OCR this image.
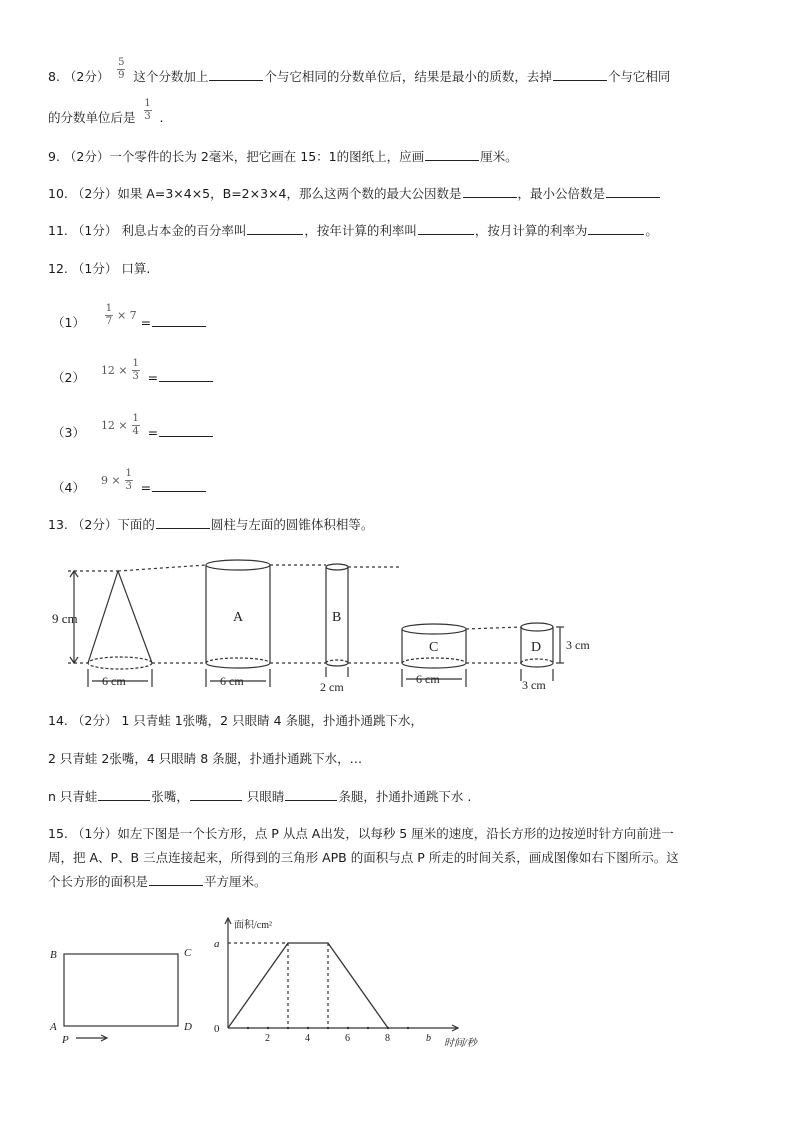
8. （2分） $\frac{5}{9}$ 这个分数加上	个与它相同的分数单位后，结果是最小的质数，去掉	个与它相同
的分数单位后是 $\frac{1}{3}$ .
9. （2分）一个零件的长为 2毫米，把它画在 15：1的图纸上，应画	厘米。
10. （2分）如果 A=3×4×5，B=2×3×4，那么这两个数的最大公因数是	，最小公倍数是
11. （1分） 利息占本金的百分率叫	，按年计算的利率叫	，按月计算的利率为	。
12. （1分） 口算.
$(1) \frac{1}{7} \times 7$ =
（2） $12 \times \frac{1}{3}$ =
（3） $12 \times \frac{1}{4}$ =
（4） $9 \times \frac{1}{3}$ =
13. （2分）下面的	圆柱与左面的圆锥体积相等。
9 cm
6 cm
A
6 cm
B
2 cm
C
6 cm
D
3 cm
3 cm
14. （2分） 1 只青蛙 1张嘴，2 只眼睛 4 条腿，扑通扑通跳下水，
2 只青蛙 2张嘴，4 只眼睛 8 条腿，扑通扑通跳下水，…
n 只青蛙	张嘴，	只眼睛	条腿，扑通扑通跳下水 .
15. （1分）如左下图是一个长方形，点 P 从点 A出发，以每秒 5 厘米的速度，沿长方形的边按逆时针方向前进一
周，把 A、P、B 三点连接起来，所得到的三角形 APB 的面积与点 P 所走的时间关系，画成图像如右下图所示。这
个长方形的面积是	平方厘米。
B	C
A	D
P
面积/cm²
a
0
2	4	6	8	b 时间/秒
